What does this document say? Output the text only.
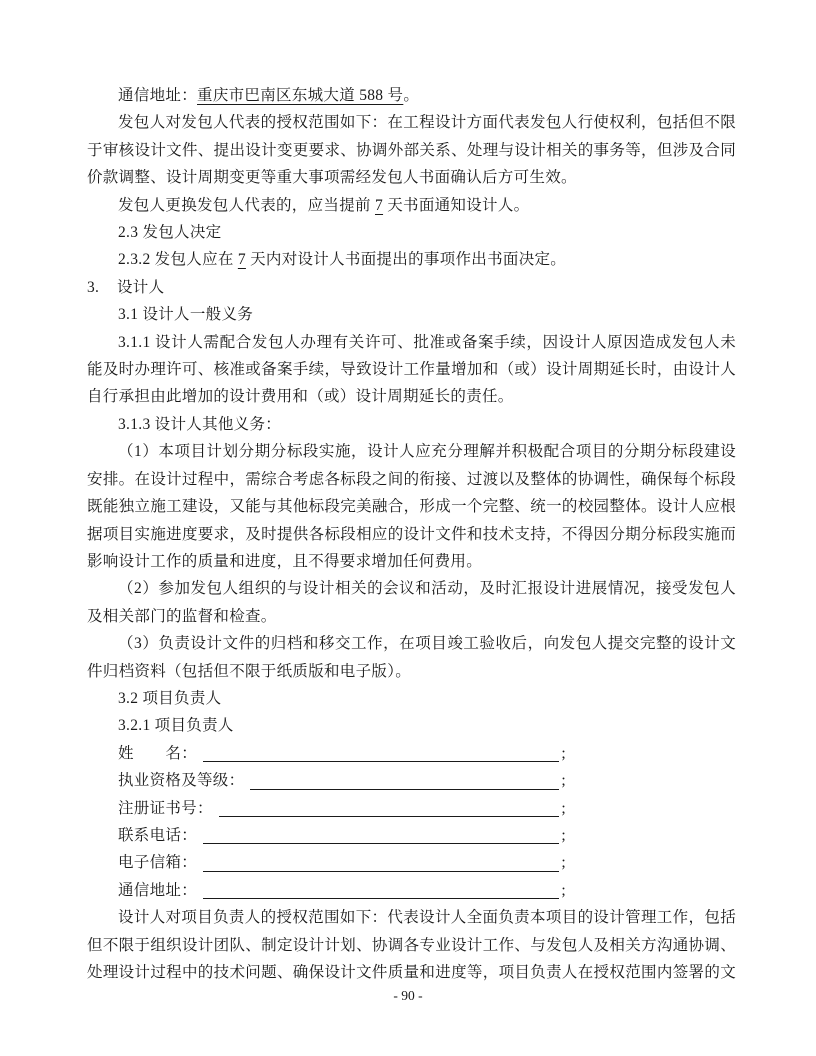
通信地址：重庆市巴南区东城大道 588 号。

发包人对发包人代表的授权范围如下：在工程设计方面代表发包人行使权利，包括但不限于审核设计文件、提出设计变更要求、协调外部关系、处理与设计相关的事务等，但涉及合同价款调整、设计周期变更等重大事项需经发包人书面确认后方可生效。

发包人更换发包人代表的，应当提前 7 天书面通知设计人。

2.3 发包人决定

2.3.2 发包人应在 7 天内对设计人书面提出的事项作出书面决定。

3. 设计人

3.1 设计人一般义务

3.1.1 设计人需配合发包人办理有关许可、批准或备案手续，因设计人原因造成发包人未能及时办理许可、核准或备案手续，导致设计工作量增加和（或）设计周期延长时，由设计人自行承担由此增加的设计费用和（或）设计周期延长的责任。

3.1.3 设计人其他义务：

（1）本项目计划分期分标段实施，设计人应充分理解并积极配合项目的分期分标段建设安排。在设计过程中，需综合考虑各标段之间的衔接、过渡以及整体的协调性，确保每个标段既能独立施工建设，又能与其他标段完美融合，形成一个完整、统一的校园整体。设计人应根据项目实施进度要求，及时提供各标段相应的设计文件和技术支持，不得因分期分标段实施而影响设计工作的质量和进度，且不得要求增加任何费用。

（2）参加发包人组织的与设计相关的会议和活动，及时汇报设计进展情况，接受发包人及相关部门的监督和检查。

（3）负责设计文件的归档和移交工作，在项目竣工验收后，向发包人提交完整的设计文件归档资料（包括但不限于纸质版和电子版）。

3.2 项目负责人

3.2.1 项目负责人

姓　　名：	;
执业资格及等级：	;
注册证书号：	;
联系电话：	;
电子信箱：	;
通信地址：	;

设计人对项目负责人的授权范围如下：代表设计人全面负责本项目的设计管理工作，包括但不限于组织设计团队、制定设计计划、协调各专业设计工作、与发包人及相关方沟通协调、处理设计过程中的技术问题、确保设计文件质量和进度等，项目负责人在授权范围内签署的文

- 90 -
